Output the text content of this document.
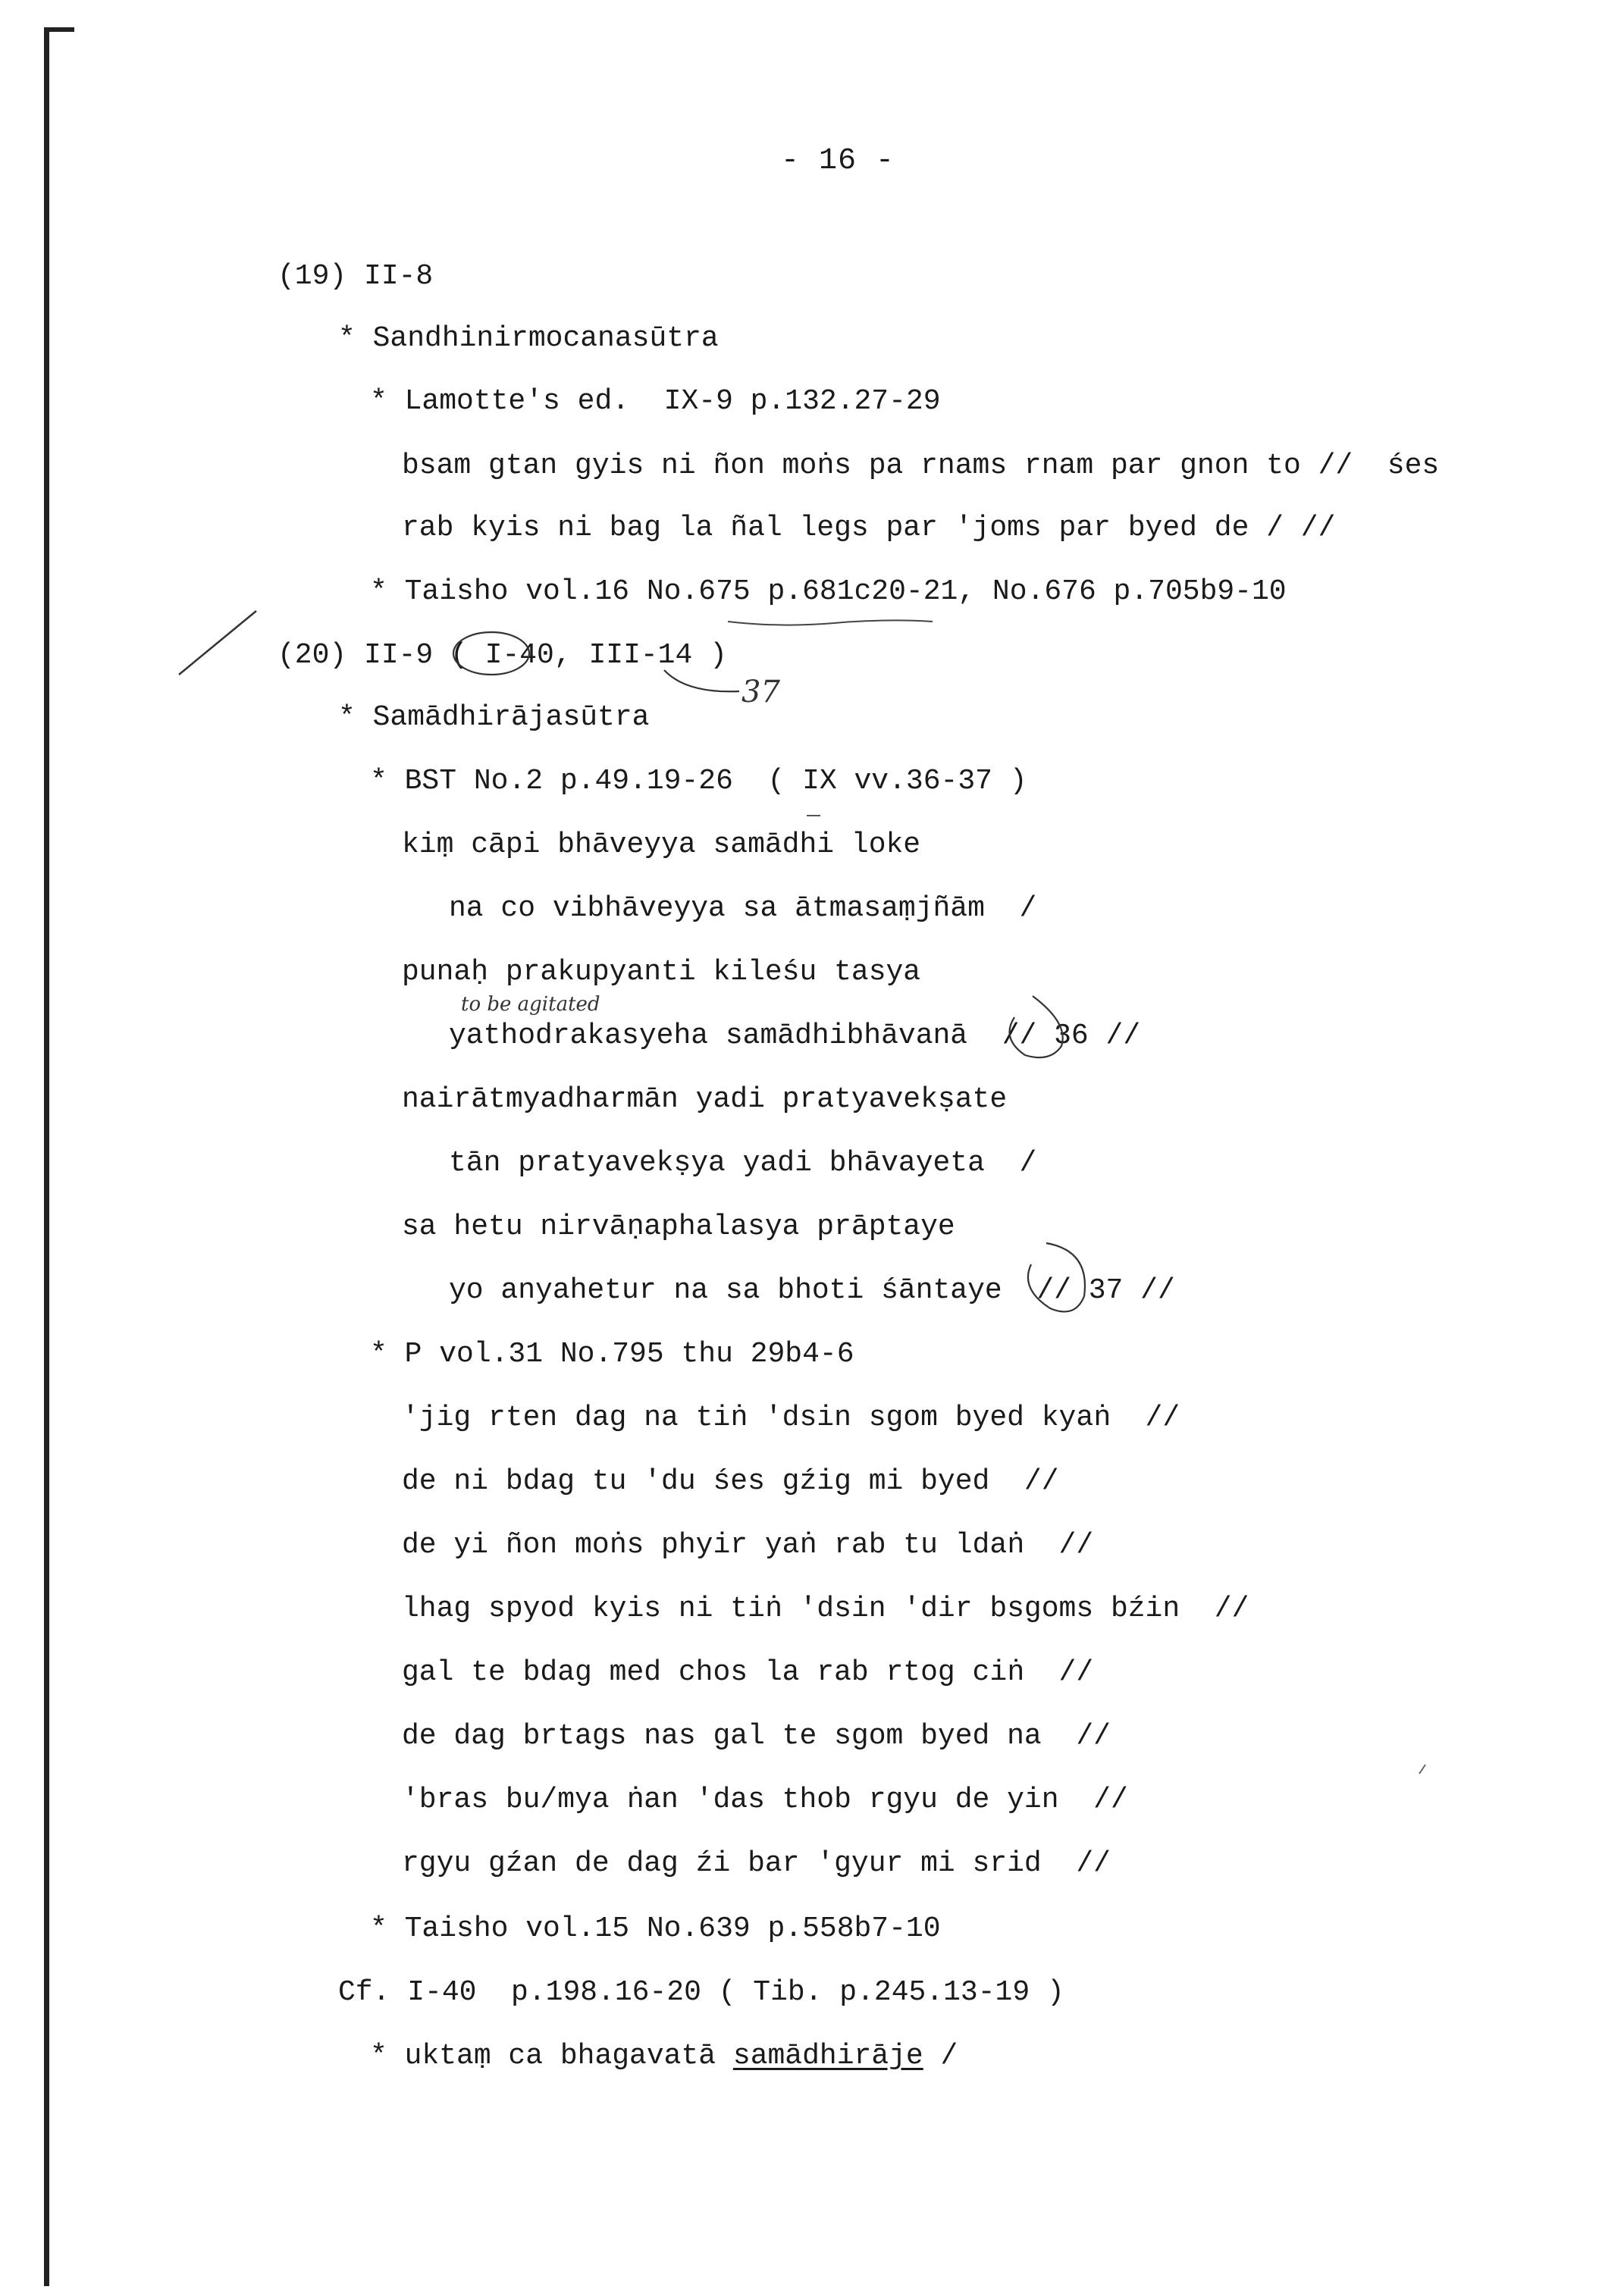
- 16 -
(19) II-8
* Sandhinirmocanasūtra
* Lamotte's ed.  IX-9 p.132.27-29
bsam gtan gyis ni ñon moṅs pa rnams rnam par gnon to //  śes
rab kyis ni bag la ñal legs par 'joms par byed de / //
* Taisho vol.16 No.675 p.681c20-21, No.676 p.705b9-10
(20) II-9 ( I-40, III-14 )
* Samādhirājasūtra
* BST No.2 p.49.19-26  ( IX vv.36-37 )
kiṃ cāpi bhāveyya samādhi loke
na co vibhāveyya sa ātmasaṃjñām  /
punaḥ prakupyanti kileśu tasya
to be agitated
yathodrakasyeha samādhibhāvanā  // 36 //
nairātmyadharmān yadi pratyavekṣate
tān pratyavekṣya yadi bhāvayeta  /
sa hetu nirvāṇaphalasya prāptaye
yo anyahetur na sa bhoti śāntaye  // 37 //
* P vol.31 No.795 thu 29b4-6
'jig rten dag na tiṅ 'dsin sgom byed kyaṅ  //
de ni bdag tu 'du śes gźig mi byed  //
de yi ñon moṅs phyir yaṅ rab tu ldaṅ  //
lhag spyod kyis ni tiṅ 'dsin 'dir bsgoms bźin  //
gal te bdag med chos la rab rtog ciṅ  //
de dag brtags nas gal te sgom byed na  //
'bras bu/mya ṅan 'das thob rgyu de yin  //
rgyu gźan de dag źi bar 'gyur mi srid  //
* Taisho vol.15 No.639 p.558b7-10
Cf. I-40  p.198.16-20 ( Tib. p.245.13-19 )
* uktaṃ ca bhagavatā samādhirāje /
37
